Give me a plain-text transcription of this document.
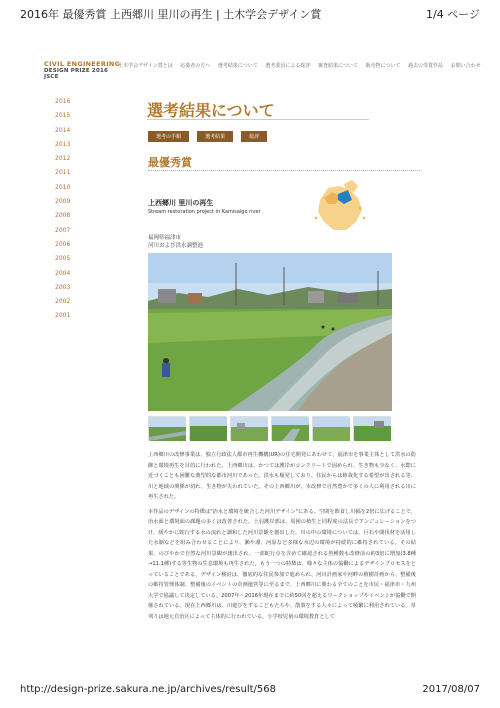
2016年 最優秀賞 上西郷川 里川の再生 | 土木学会デザイン賞	1/4 ページ
CIVIL ENGINEERING
DESIGN PRIZE 2016 JSCE
土木学会デザイン賞とは 応募者の方へ 選考結果について 選考委員による総評 審査結果について 販売物について 過去の受賞作品 お問い合わせ
2016
2015
2014
2013
2012
2011
2010
2009
2008
2007
2006
2005
2004
2003
2002
2001
選考結果について
選考の手順	選考結果	総評
最優秀賞
上西郷川 里川の再生
Stream restoration project in Kamisaigo river
福岡県福津市
河川および洪水調整池

上西郷川の改修事業は、独立行政法人都市再生機構(UR)の住宅開発にあわせて、福津市を事業主体として洪水の防御と環境再生を目的に行われた。上西郷川は、かつては護岸がコンクリートで固められ、生き物も少なく、水際に近づくことも困難な典型的な都市河川であった。洪水も頻発しており、住民からは植栽化する希望が出される等、川と地域の関係が切れ、生き物が失われていた。その上西郷川が、本改修で自然豊かで多くの人に利用される川に再生された。

本作品のデザインの特徴は"治水と環境を統合した河川デザイン"にある。空間を飲食し川幅を2倍に広げることで、治水面と環境面の課題の多くは改善された。土羽護岸部は、周囲の植生と同程度の法長でアンジュレーションをつけ、緩やかに蛇行する水の流れと調和した河川景観を創出した。川の中の環境については、巨石や間伐材を活用した水制などを組み合わせることにより、瀬や淵、河原など多様な水辺の環境が持続的に維持されている。その結果、のびやかで自然な河川景観が創出され、一部蛇行点を含めて確認される魚種数も改修前の約3倍に増加(3.8種→11.1種)する等生物の生息環境も再生された。もう一つの特徴は、様々な主体の協働によるデザインプロセスをとっていることである。デザイン検討は、徹底的な住民参加で進められ、河川計画家や河畔の植樹計画から、整備後の維持管理体制、整備後のイベントの企画運営等に至るまで、上西郷川に関わる全てのことを市民・福津市・九州大学で協議して決定している。2007年～2016年現在までに約50回を超えるワークショップやイベントが協働で開催されている。現在上西郷川は、川遊びをするこどもたちや、散策をする人々によって頻繁に利用されている。草刈りは地元自治区によって主体的に行われている。小学校児童の環境教育として

http://design-prize.sakura.ne.jp/archives/result/568	2017/08/07
